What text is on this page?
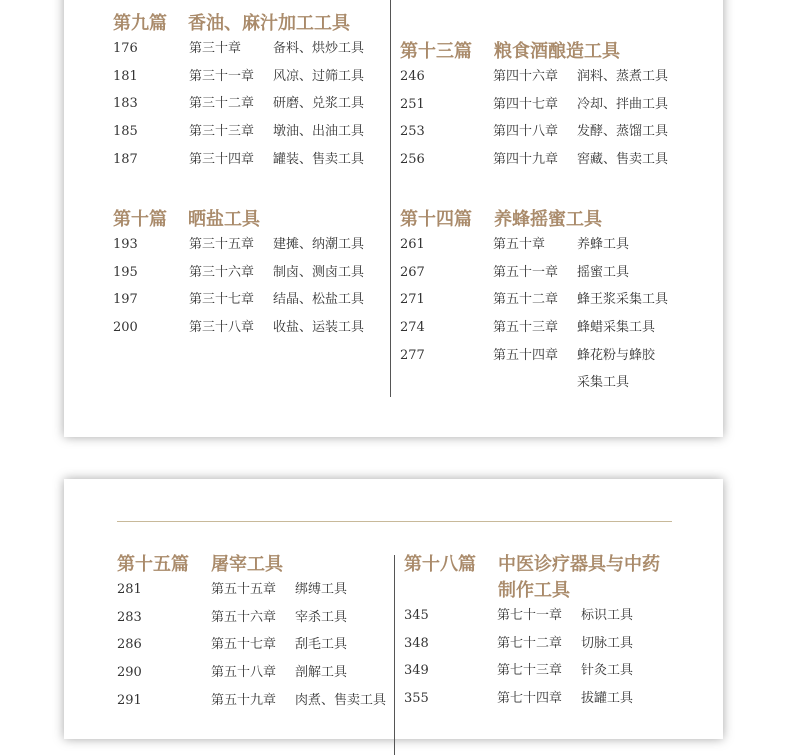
第九篇 香油、麻汁加工工具
176	第三十章 备料、烘炒工具
181	第三十一章 风凉、过筛工具
183	第三十二章 研磨、兑浆工具
185	第三十三章 墩油、出油工具
187	第三十四章 罐装、售卖工具
第十篇 晒盐工具
193	第三十五章 建摊、纳潮工具
195	第三十六章 制卤、测卤工具
197	第三十七章 结晶、松盐工具
200	第三十八章 收盐、运装工具
第十三篇 粮食酒酿造工具
246	第四十六章 润料、蒸煮工具
251	第四十七章 冷却、拌曲工具
253	第四十八章 发酵、蒸馏工具
256	第四十九章 窖藏、售卖工具
第十四篇 养蜂摇蜜工具
261	第五十章 养蜂工具
267	第五十一章 摇蜜工具
271	第五十二章 蜂王浆采集工具
274	第五十三章 蜂蜡采集工具
277	第五十四章 蜂花粉与蜂胶
采集工具
第十五篇 屠宰工具
281	第五十五章 绑缚工具
283	第五十六章 宰杀工具
286	第五十七章 刮毛工具
290	第五十八章 剖解工具
291	第五十九章 肉煮、售卖工具
第十八篇 中医诊疗器具与中药
制作工具
345	第七十一章 标识工具
348	第七十二章 切脉工具
349	第七十三章 针灸工具
355	第七十四章 拔罐工具
